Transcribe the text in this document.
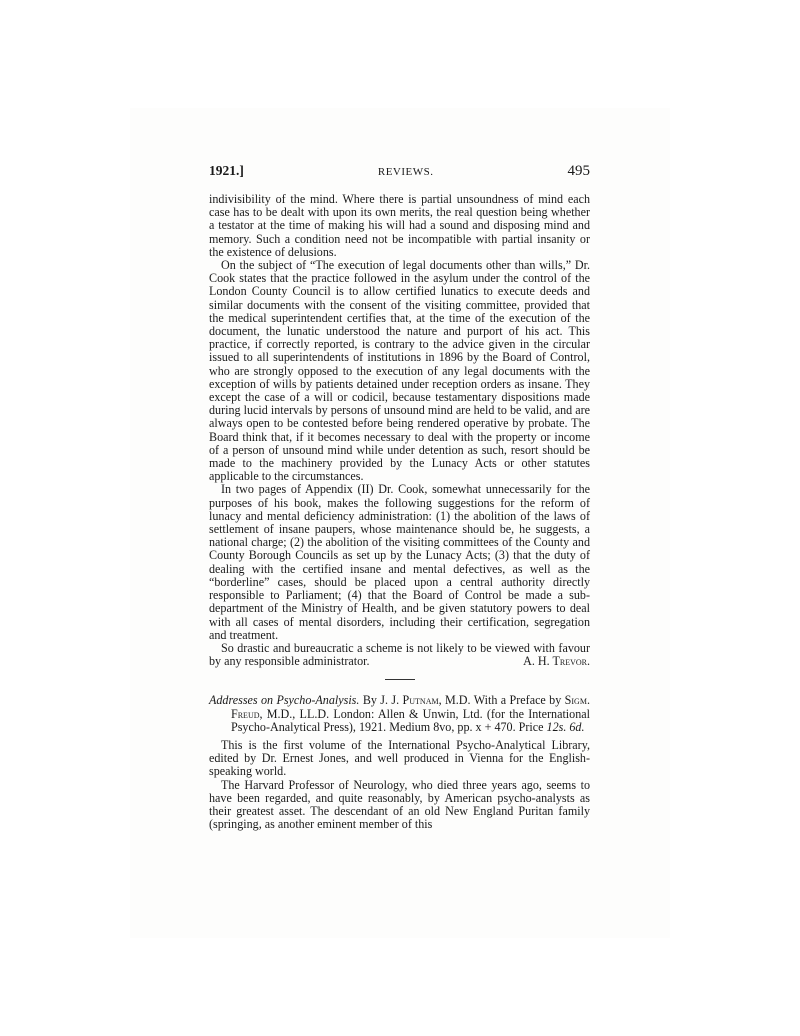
1921.]	REVIEWS.	495

indivisibility of the mind. Where there is partial unsoundness of mind each case has to be dealt with upon its own merits, the real question being whether a testator at the time of making his will had a sound and disposing mind and memory. Such a condition need not be incompatible with partial insanity or the existence of delusions.

On the subject of “The execution of legal documents other than wills,” Dr. Cook states that the practice followed in the asylum under the control of the London County Council is to allow certified lunatics to execute deeds and similar documents with the consent of the visiting committee, provided that the medical superintendent certifies that, at the time of the execution of the document, the lunatic understood the nature and purport of his act. This practice, if correctly reported, is contrary to the advice given in the circular issued to all superintendents of institutions in 1896 by the Board of Control, who are strongly opposed to the execution of any legal documents with the exception of wills by patients detained under reception orders as insane. They except the case of a will or codicil, because testamentary dispositions made during lucid intervals by persons of unsound mind are held to be valid, and are always open to be contested before being rendered operative by probate. The Board think that, if it becomes necessary to deal with the property or income of a person of unsound mind while under detention as such, resort should be made to the machinery provided by the Lunacy Acts or other statutes applicable to the circumstances.

In two pages of Appendix (II) Dr. Cook, somewhat unnecessarily for the purposes of his book, makes the following suggestions for the reform of lunacy and mental deficiency administration: (1) the abolition of the laws of settlement of insane paupers, whose maintenance should be, he suggests, a national charge; (2) the abolition of the visiting committees of the County and County Borough Councils as set up by the Lunacy Acts; (3) that the duty of dealing with the certified insane and mental defectives, as well as the “borderline” cases, should be placed upon a central authority directly responsible to Parliament; (4) that the Board of Control be made a sub-department of the Ministry of Health, and be given statutory powers to deal with all cases of mental disorders, including their certification, segregation and treatment.

So drastic and bureaucratic a scheme is not likely to be viewed with favour by any responsible administrator.	A. H. Trevor.

Addresses on Psycho-Analysis. By J. J. Putnam, M.D. With a Preface by Sigm. Freud, M.D., LL.D. London: Allen & Unwin, Ltd. (for the International Psycho-Analytical Press), 1921. Medium 8vo, pp. x + 470. Price 12s. 6d.

This is the first volume of the International Psycho-Analytical Library, edited by Dr. Ernest Jones, and well produced in Vienna for the English-speaking world.

The Harvard Professor of Neurology, who died three years ago, seems to have been regarded, and quite reasonably, by American psycho-analysts as their greatest asset. The descendant of an old New England Puritan family (springing, as another eminent member of this
